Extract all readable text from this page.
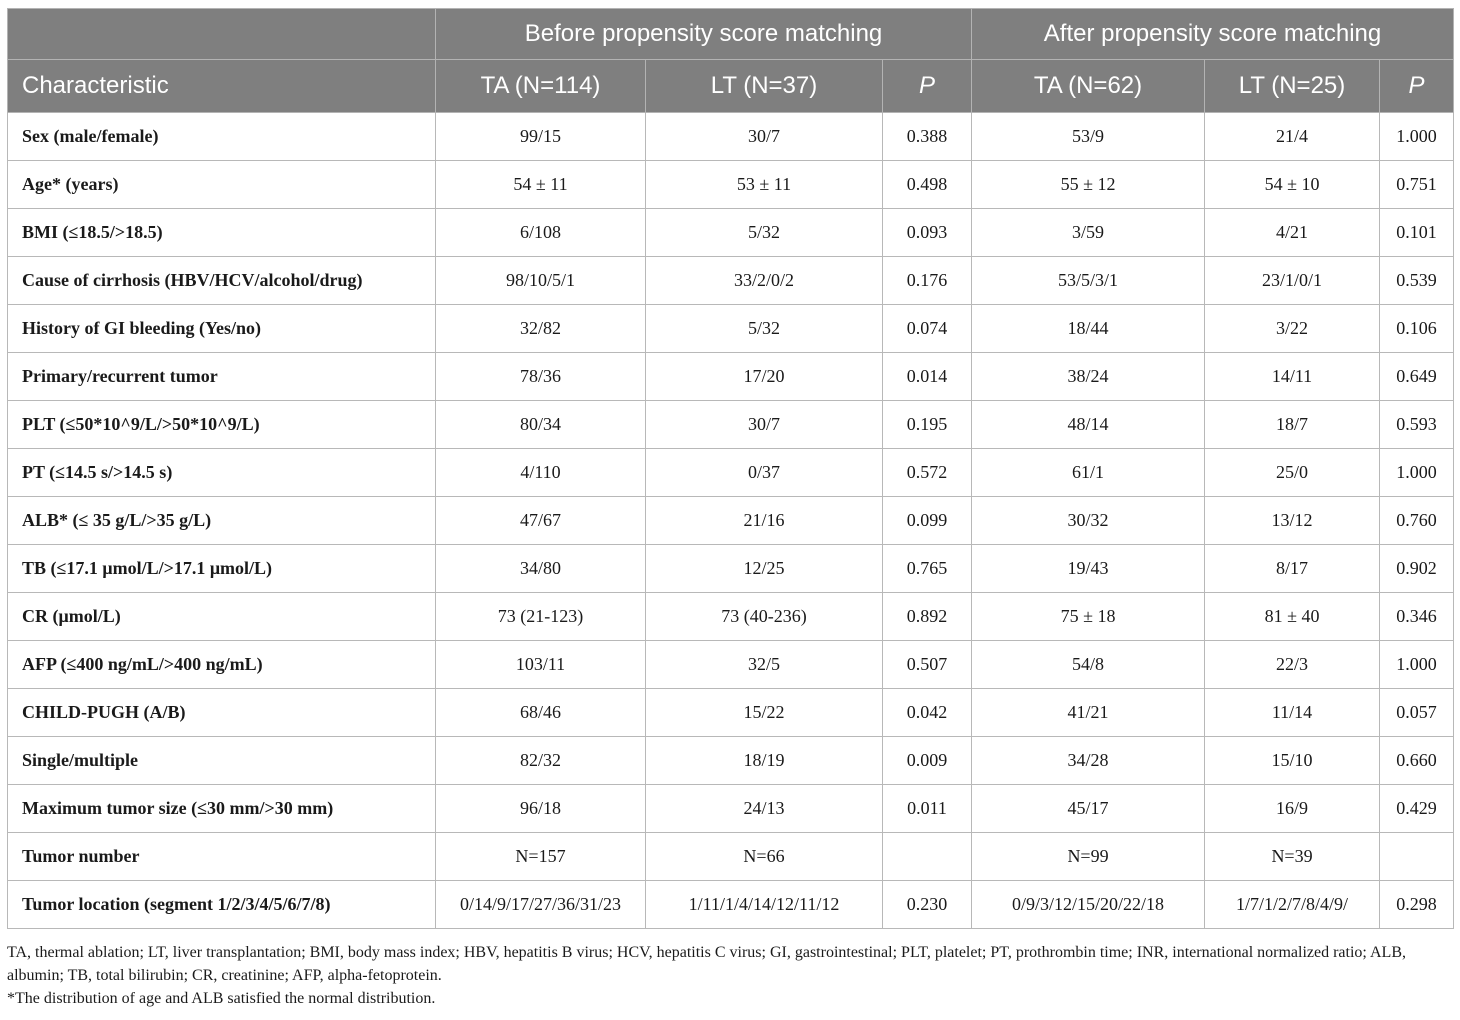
	Before propensity score matching			After propensity score matching		
Characteristic	TA (N=114)	LT (N=37)	P	TA (N=62)	LT (N=25)	P
Sex (male/female)	99/15	30/7	0.388	53/9	21/4	1.000
Age* (years)	54 ± 11	53 ± 11	0.498	55 ± 12	54 ± 10	0.751
BMI (≤18.5/>18.5)	6/108	5/32	0.093	3/59	4/21	0.101
Cause of cirrhosis (HBV/HCV/alcohol/drug)	98/10/5/1	33/2/0/2	0.176	53/5/3/1	23/1/0/1	0.539
History of GI bleeding (Yes/no)	32/82	5/32	0.074	18/44	3/22	0.106
Primary/recurrent tumor	78/36	17/20	0.014	38/24	14/11	0.649
PLT (≤50*10^9/L/>50*10^9/L)	80/34	30/7	0.195	48/14	18/7	0.593
PT (≤14.5 s/>14.5 s)	4/110	0/37	0.572	61/1	25/0	1.000
ALB* (≤ 35 g/L/>35 g/L)	47/67	21/16	0.099	30/32	13/12	0.760
TB (≤17.1 μmol/L/>17.1 μmol/L)	34/80	12/25	0.765	19/43	8/17	0.902
CR (μmol/L)	73 (21-123)	73 (40-236)	0.892	75 ± 18	81 ± 40	0.346
AFP (≤400 ng/mL/>400 ng/mL)	103/11	32/5	0.507	54/8	22/3	1.000
CHILD-PUGH (A/B)	68/46	15/22	0.042	41/21	11/14	0.057
Single/multiple	82/32	18/19	0.009	34/28	15/10	0.660
Maximum tumor size (≤30 mm/>30 mm)	96/18	24/13	0.011	45/17	16/9	0.429
Tumor number	N=157	N=66		N=99	N=39	
Tumor location (segment 1/2/3/4/5/6/7/8)	0/14/9/17/27/36/31/23	1/11/1/4/14/12/11/12	0.230	0/9/3/12/15/20/22/18	1/7/1/2/7/8/4/9/	0.298

TA, thermal ablation; LT, liver transplantation; BMI, body mass index; HBV, hepatitis B virus; HCV, hepatitis C virus; GI, gastrointestinal; PLT, platelet; PT, prothrombin time; INR, international normalized ratio; ALB, albumin; TB, total bilirubin; CR, creatinine; AFP, alpha-fetoprotein.

*The distribution of age and ALB satisfied the normal distribution.
